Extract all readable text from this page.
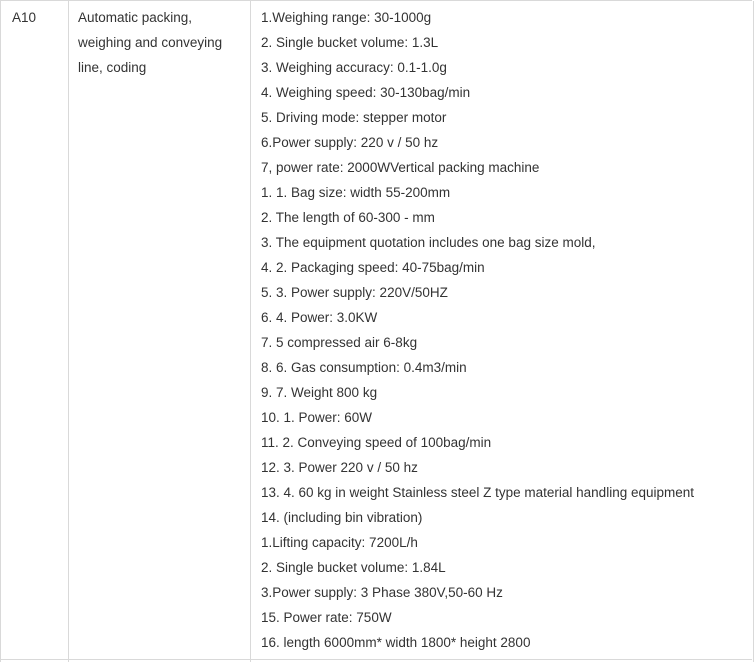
A10	Automatic packing,
weighing and conveying
line, coding
1.Weighing range: 30-1000g
2. Single bucket volume: 1.3L
3. Weighing accuracy: 0.1-1.0g
4. Weighing speed: 30-130bag/min
5. Driving mode: stepper motor
6.Power supply: 220 v / 50 hz
7, power rate: 2000WVertical packing machine
1. 1. Bag size: width 55-200mm
2. The length of 60-300 - mm
3. The equipment quotation includes one bag size mold,
4. 2. Packaging speed: 40-75bag/min
5. 3. Power supply: 220V/50HZ
6. 4. Power: 3.0KW
7. 5 compressed air 6-8kg
8. 6. Gas consumption: 0.4m3/min
9. 7. Weight 800 kg
10. 1. Power: 60W
11. 2. Conveying speed of 100bag/min
12. 3. Power 220 v / 50 hz
13. 4. 60 kg in weight Stainless steel Z type material handling equipment
14. (including bin vibration)
1.Lifting capacity: 7200L/h
2. Single bucket volume: 1.84L
3.Power supply: 3 Phase 380V,50-60 Hz
15. Power rate: 750W
16. length 6000mm* width 1800* height 2800
